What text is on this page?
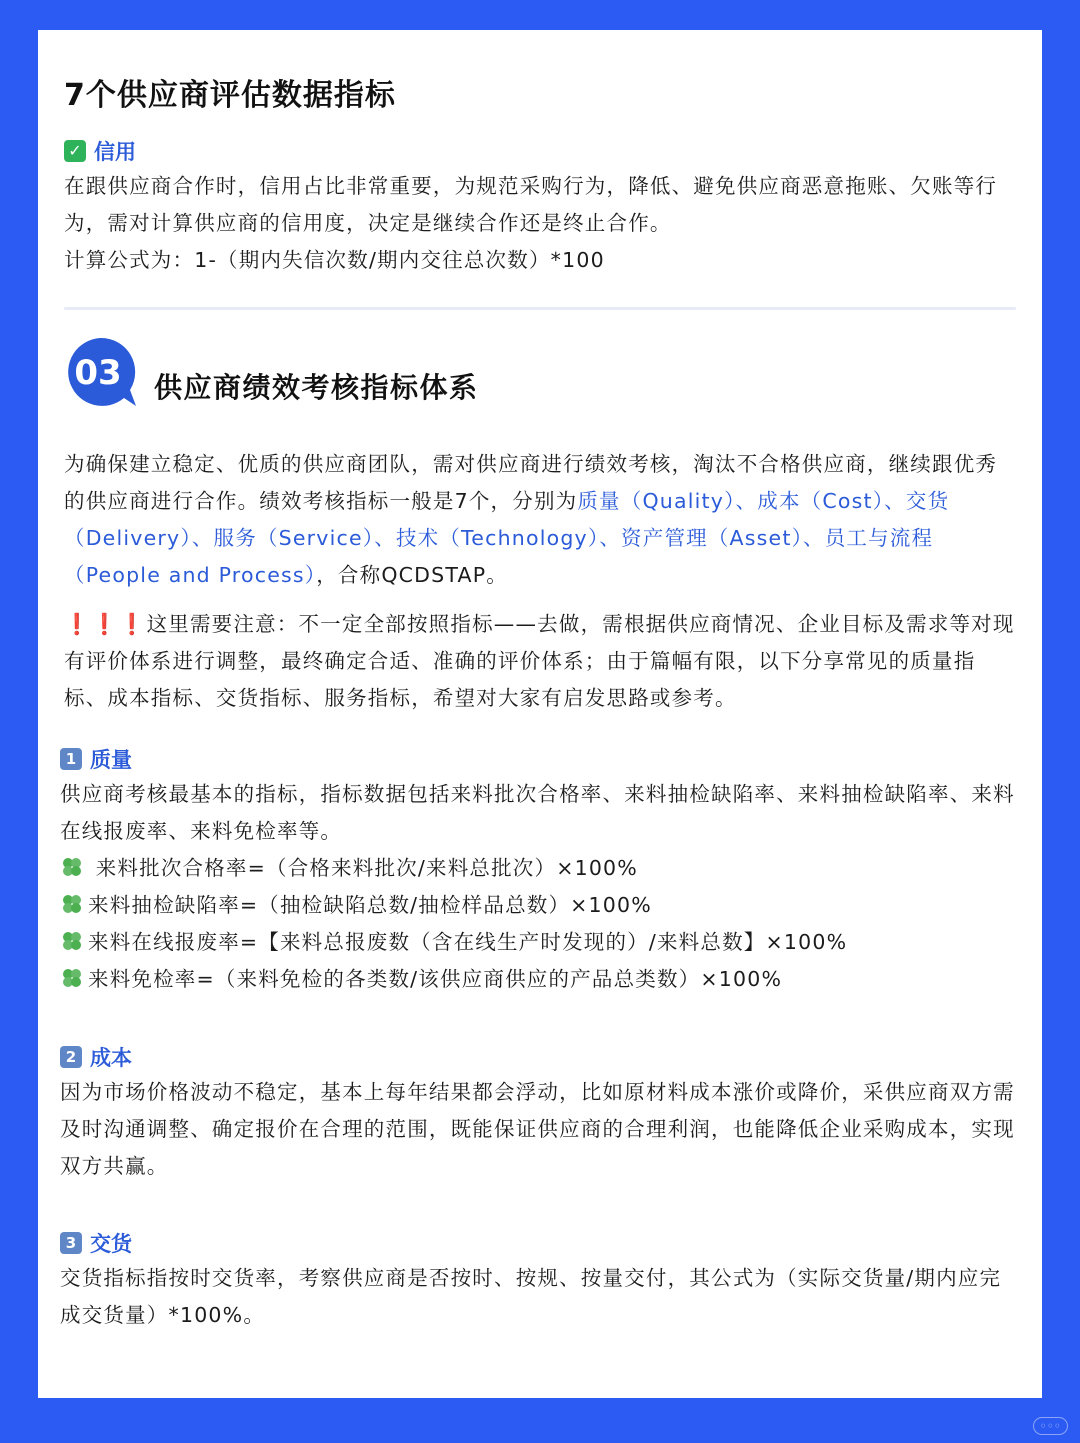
7个供应商评估数据指标
✓ 信用

在跟供应商合作时，信用占比非常重要，为规范采购行为，降低、避免供应商恶意拖账、欠账等行为，需对计算供应商的信用度，决定是继续合作还是终止合作。

计算公式为：1-（期内失信次数/期内交往总次数）*100

03 供应商绩效考核指标体系

为确保建立稳定、优质的供应商团队，需对供应商进行绩效考核，淘汰不合格供应商，继续跟优秀的供应商进行合作。绩效考核指标一般是7个，分别为质量（Quality）、成本（Cost）、交货（Delivery）、服务（Service）、技术（Technology）、资产管理（Asset）、员工与流程（People and Process），合称QCDSTAP。

❗❗❗这里需要注意：不一定全部按照指标——去做，需根据供应商情况、企业目标及需求等对现有评价体系进行调整，最终确定合适、准确的评价体系；由于篇幅有限，以下分享常见的质量指标、成本指标、交货指标、服务指标，希望对大家有启发思路或参考。

1 质量

供应商考核最基本的指标，指标数据包括来料批次合格率、来料抽检缺陷率、来料抽检缺陷率、来料在线报废率、来料免检率等。

来料批次合格率=（合格来料批次/来料总批次）×100%

来料抽检缺陷率=（抽检缺陷总数/抽检样品总数）×100%

来料在线报废率=【来料总报废数（含在线生产时发现的）/来料总数】×100%

来料免检率=（来料免检的各类数/该供应商供应的产品总类数）×100%

2 成本

因为市场价格波动不稳定，基本上每年结果都会浮动，比如原材料成本涨价或降价，采供应商双方需及时沟通调整、确定报价在合理的范围，既能保证供应商的合理利润，也能降低企业采购成本，实现双方共赢。

3 交货

交货指标指按时交货率，考察供应商是否按时、按规、按量交付，其公式为（实际交货量/期内应完成交货量）*100%。

◦◦◦
